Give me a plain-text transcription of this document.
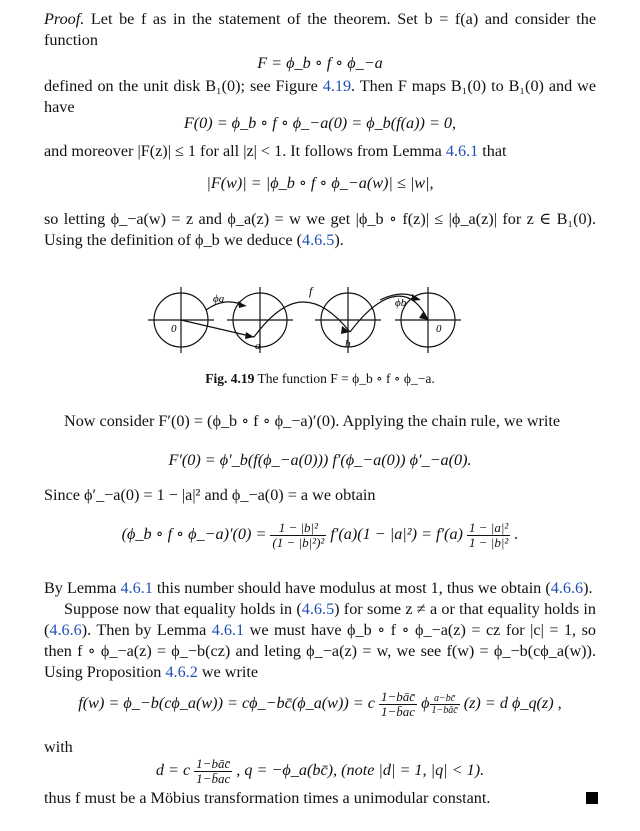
Proof. Let be f as in the statement of the theorem. Set b = f(a) and consider the function

F = ϕ_b ∘ f ∘ ϕ_−a

defined on the unit disk B₁(0); see Figure 4.19. Then F maps B₁(0) to B₁(0) and we have

F(0) = ϕ_b ∘ f ∘ ϕ_−a(0) = ϕ_b(f(a)) = 0,

and moreover |F(z)| ≤ 1 for all |z| < 1. It follows from Lemma 4.6.1 that

|F(w)| = |ϕ_b ∘ f ∘ ϕ_−a(w)| ≤ |w|,

so letting ϕ_−a(w) = z and ϕ_a(z) = w we get |ϕ_b ∘ f(z)| ≤ |ϕ_a(z)| for z ∈ B₁(0). Using the definition of ϕ_b we deduce (4.6.5).

ϕa
f
ϕb
0
a	b
0
Fig. 4.19 The function F = ϕ_b ∘ f ∘ ϕ_−a.

Now consider F′(0) = (ϕ_b ∘ f ∘ ϕ_−a)′(0). Applying the chain rule, we write

F′(0) = ϕ′_b(f(ϕ_−a(0))) f′(ϕ_−a(0)) ϕ′_−a(0).

Since ϕ′_−a(0) = 1 − |a|² and ϕ_−a(0) = a we obtain

(ϕ_b ∘ f ∘ ϕ_−a)′(0) = $\frac{\text{1 − |b|²}}{\text{(1 − |b|²)²}} f'(a)(1 - |a|^2) = f'(a) \frac{\text{1 − |a|²}}{\text{1 − |b|²}}$ .

By Lemma 4.6.1 this number should have modulus at most 1, thus we obtain (4.6.6).

Suppose now that equality holds in (4.6.5) for some z ≠ a or that equality holds in (4.6.6). Then by Lemma 4.6.1 we must have ϕ_b ∘ f ∘ ϕ_−a(z) = cz for |c| = 1, so then f ∘ ϕ_−a(z) = ϕ_−b(cz) and leting ϕ_−a(z) = w, we see f(w) = ϕ_−b(cϕ_a(w)). Using Proposition 4.6.2 we write

f(w) = ϕ_−b(cϕ_a(w)) = cϕ_−bc̄(ϕ_a(w)) = c $\frac{\text{1−bāc̄}}{1-b̄ac}$ ϕ $\frac{a-bc̄}{\text{1−bāc̄}} (z) = d$ ϕ_q(z) ,

with

d = c $\frac{\text{1−bāc̄}}{1-b̄ac}$ , q = −ϕ_a(bc̄), (note |d| = 1, |q| < 1).

thus f must be a Möbius transformation times a unimodular constant.
